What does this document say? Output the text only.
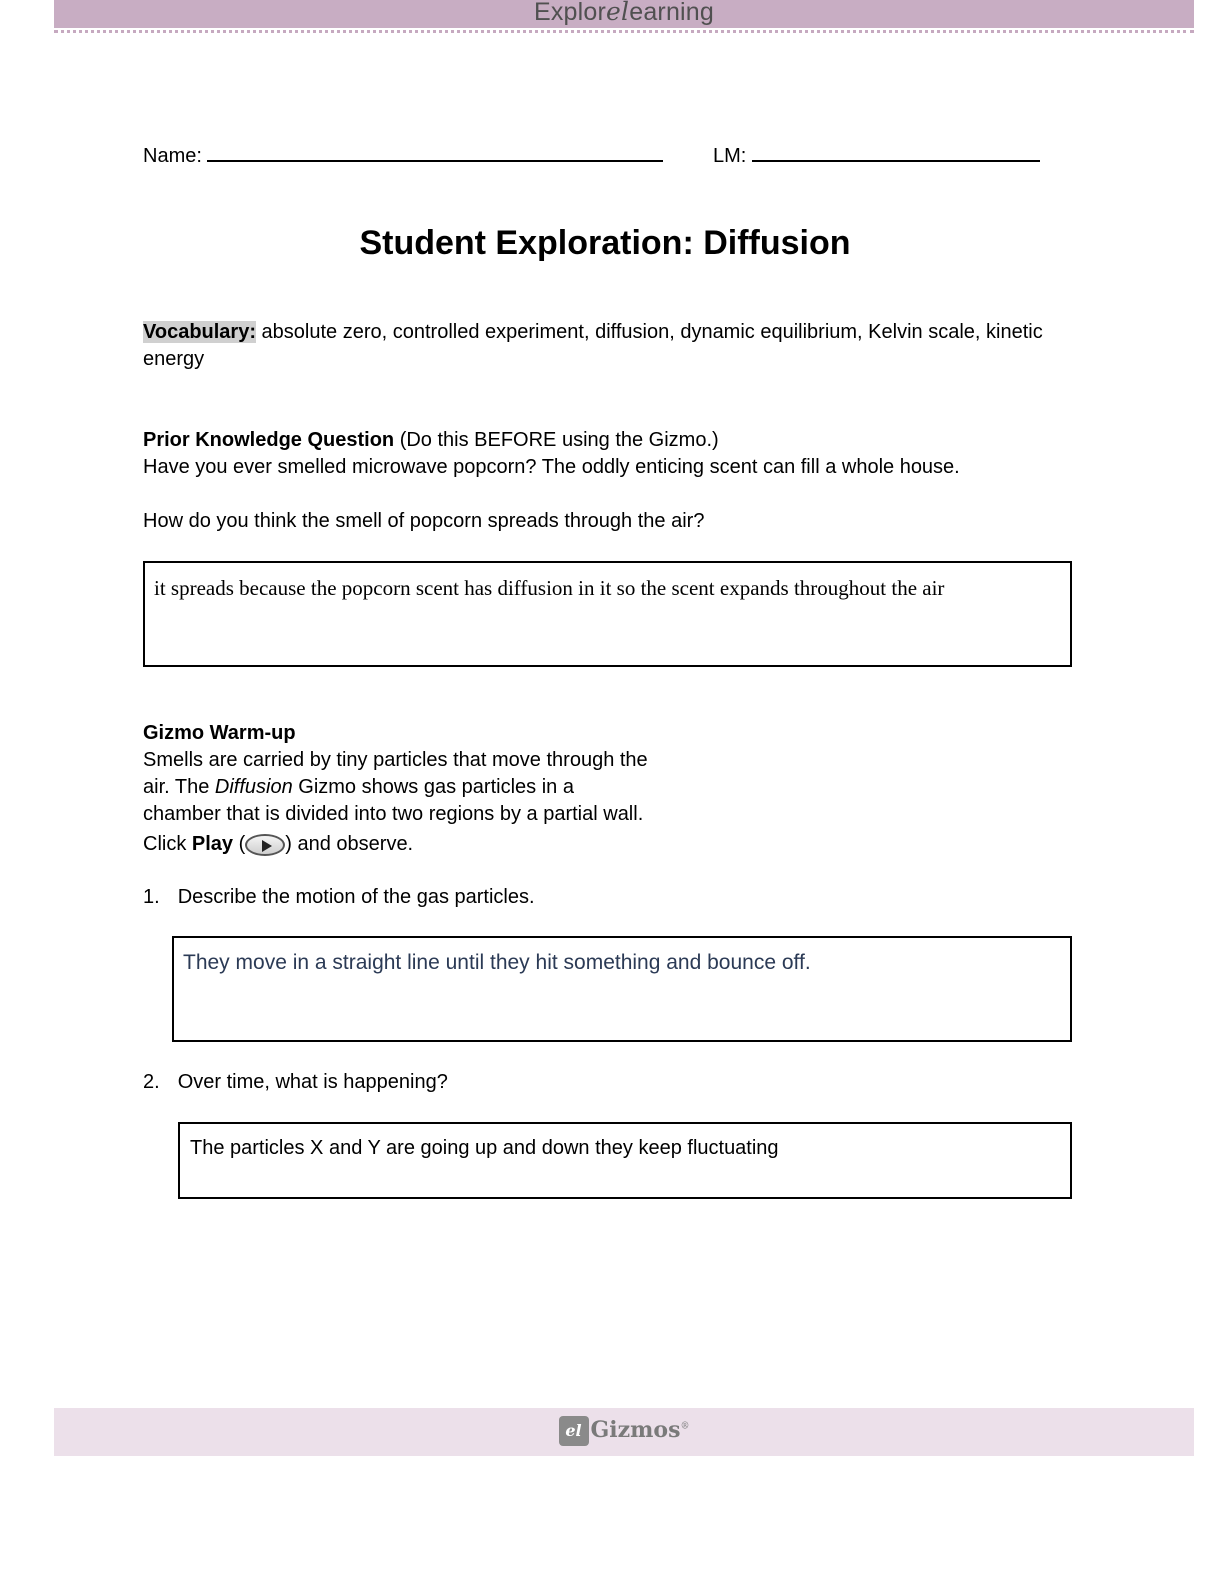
Explorelearning
Name:	LM:
Student Exploration: Diffusion
Vocabulary: absolute zero, controlled experiment, diffusion, dynamic equilibrium, Kelvin scale, kinetic energy
Prior Knowledge Question (Do this BEFORE using the Gizmo.)
Have you ever smelled microwave popcorn? The oddly enticing scent can fill a whole house.
How do you think the smell of popcorn spreads through the air?
it spreads because the popcorn scent has diffusion in it so the scent expands throughout the air
Gizmo Warm-up
Smells are carried by tiny particles that move through the
air. The Diffusion Gizmo shows gas particles in a
chamber that is divided into two regions by a partial wall.
Click Play ( ) and observe.
1. Describe the motion of the gas particles.
They move in a straight line until they hit something and bounce off.
2. Over time, what is happening?
The particles X and Y are going up and down they keep fluctuating
el Gizmos®
